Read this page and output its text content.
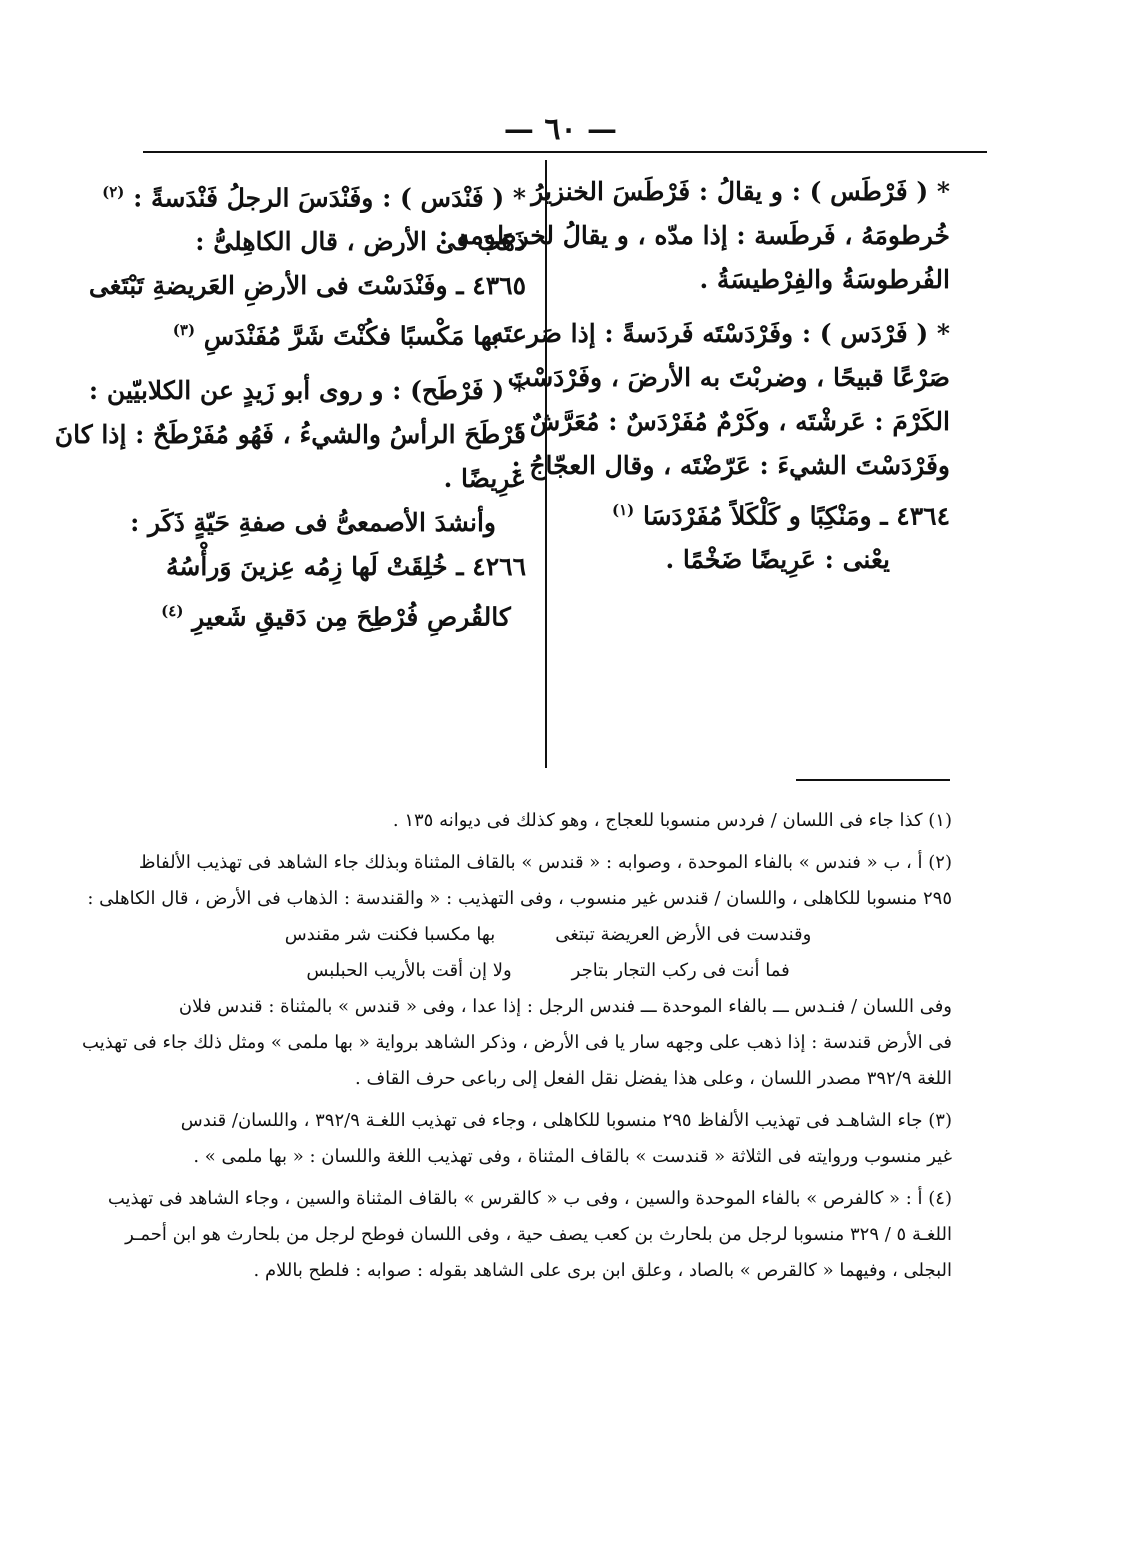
— ٦٠ —
* ( فَرْطَس ) : و يقالُ : فَرْطَسَ الخنزيرُ
خُرطومَهُ ، فَرطَسة : إذا مدّه ، و يقالُ لخرطومه :
الفُرطوسَةُ والفِرْطيسَةُ .
* ( فَرْدَس ) : وفَرْدَسْتَه فَردَسةً : إذا صَرعتَه
صَرْعًا قبيحًا ، وضربْتَ به الأرضَ ، وفَرْدَسْتَ
الكَرْمَ : عَرشْتَه ، وكَرْمٌ مُفَرْدَسٌ : مُعَرَّشٌ ،
وفَرْدَسْتَ الشيءَ : عَرّضْتَه ، وقال العجّاجُ :
٤٣٦٤ ـ ومَنْكِبًا و كَلْكَلاً مُفَرْدَسَا $^{(١)}$
يعْنى : عَرِيضًا ضَخْمًا .
* ( فَنْدَس ) : وفَنْدَسَ الرجلُ فَنْدَسةً : $^{(٢)}$
ذَهَبَ فى الأرض ، قال الكاهِلىُّ :
٤٣٦٥ ـ وفَنْدَسْتَ فى الأرضِ العَريضةِ تَبْتَغى
بها مَكْسبًا فكُنْتَ شَرَّ مُفَنْدَسِ $^{(٣)}$
* ( فَرْطَح) : و روى أبو زَيدٍ عن الكلابيّين :
فَرْطَحَ الرأسُ والشيءُ ، فَهُو مُفَرْطَحٌ : إذا كانَ
عَرِيضًا .
وأنشدَ الأصمعىُّ فى صفةِ حَيّةٍ ذَكَر :
٤٢٦٦ ـ خُلِقَتْ لَها زِمُه عِزينَ وَرأْسُهُ
كالقُرصِ فُرْطِحَ مِن دَقيقِ شَعيرِ $^{(٤)}$
(١) كذا جاء فى اللسان / فردس منسوبا للعجاج ، وهو كذلك فى ديوانه ١٣٥ .
(٢) أ ، ب « فندس » بالفاء الموحدة ، وصوابه : « قندس » بالقاف المثناة وبذلك جاء الشاهد فى تهذيب الألفاظ
٢٩٥ منسوبا للكاهلى ، واللسان / قندس غير منسوب ، وفى التهذيب : « والقندسة : الذهاب فى الأرض ، قال الكاهلى :
وقندست فى الأرض العريضة تبتغى
بها مكسبا فكنت شر مقندس
فما أنت فى ركب التجار بتاجر
ولا إن أقت بالأريب الحبلبس
وفى اللسان / فنـدس ـــ بالفاء الموحدة ـــ فندس الرجل : إذا عدا ، وفى « قندس » بالمثناة : قندس فلان
فى الأرض قندسة : إذا ذهب على وجهه سار يا فى الأرض ، وذكر الشاهد برواية « بها ملمى » ومثل ذلك جاء فى تهذيب
اللغة ٣٩٢/٩ مصدر اللسان ، وعلى هذا يفضل نقل الفعل إلى رباعى حرف القاف .
(٣) جاء الشاهـد فى تهذيب الألفاظ ٢٩٥ منسوبا للكاهلى ، وجاء فى تهذيب اللغـة ٣٩٢/٩ ، واللسان/ قندس
غير منسوب وروايته فى الثلاثة « قندست » بالقاف المثناة ، وفى تهذيب اللغة واللسان : « بها ملمى » .
(٤) أ : « كالفرص » بالفاء الموحدة والسين ، وفى ب « كالقرس » بالقاف المثناة والسين ، وجاء الشاهد فى تهذيب
اللغـة ٥ / ٣٢٩ منسوبا لرجل من بلحارث بن كعب يصف حية ، وفى اللسان فوطح لرجل من بلحارث هو ابن أحمـر
البجلى ، وفيهما « كالقرص » بالصاد ، وعلق ابن برى على الشاهد بقوله : صوابه : فلطح باللام .
